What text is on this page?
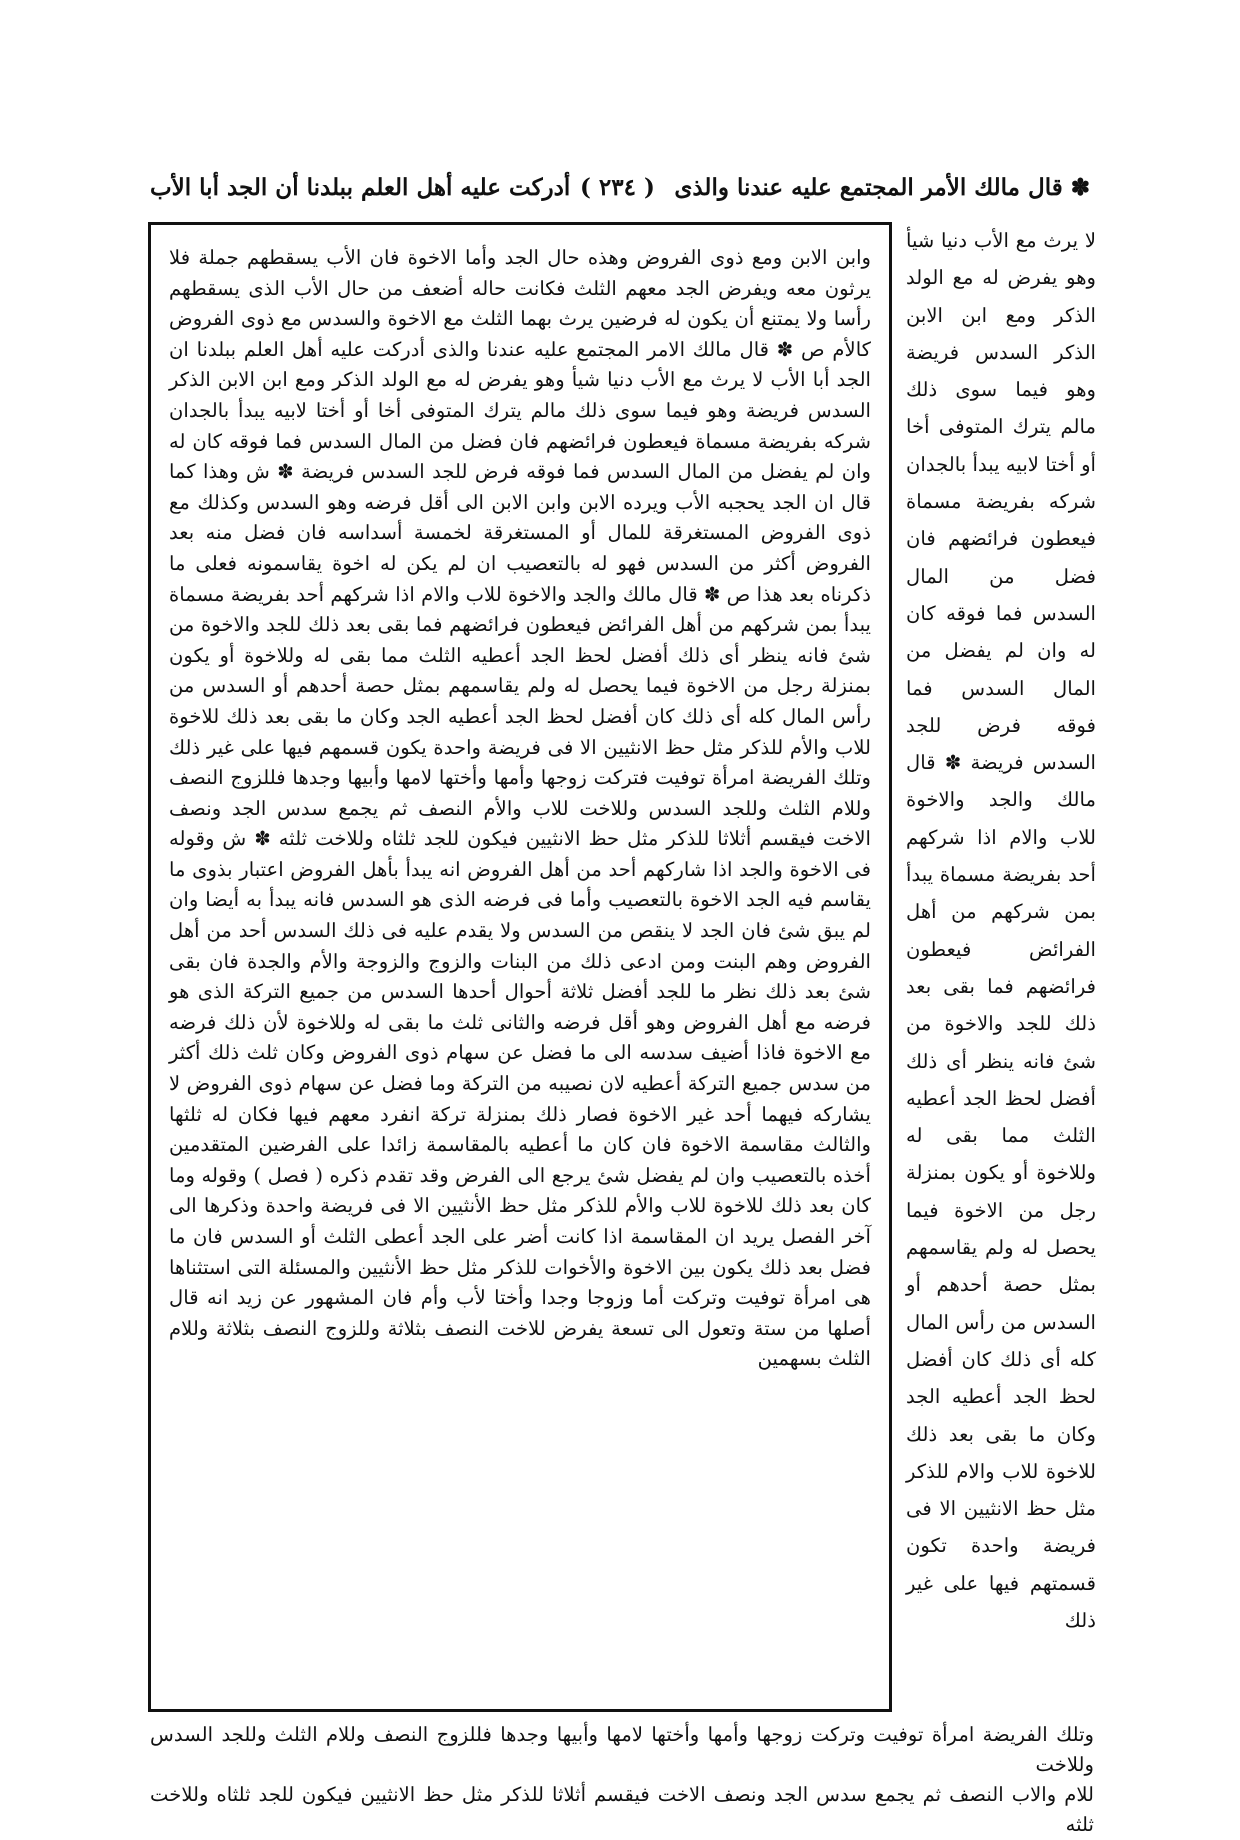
✽ قال مالك الأمر المجتمع عليه عندنا والذى
( ٢٣٤ )
أدركت عليه أهل العلم ببلدنا أن الجد أبا الأب

لا يرث مع الأب دنيا شيأ وهو يفرض له مع الولد الذكر ومع ابن الابن الذكر السدس فريضة وهو فيما سوى ذلك مالم يترك المتوفى أخا أو أختا لابيه يبدأ بالجدان شركه بفريضة مسماة فيعطون فرائضهم فان فضل من المال السدس فما فوقه كان له وان لم يفضل من المال السدس فما فوقه فرض للجد السدس فريضة ✽ قال مالك والجد والاخوة للاب والام اذا شركهم أحد بفريضة مسماة يبدأ بمن شركهم من أهل الفرائض فيعطون فرائضهم فما بقى بعد ذلك للجد والاخوة من شئ فانه ينظر أى ذلك أفضل لحظ الجد أعطيه الثلث مما بقى له وللاخوة أو يكون بمنزلة رجل من الاخوة فيما يحصل له ولم يقاسمهم بمثل حصة أحدهم أو السدس من رأس المال كله أى ذلك كان أفضل لحظ الجد أعطيه الجد وكان ما بقى بعد ذلك للاخوة للاب والام للذكر مثل حظ الانثيين الا فى فريضة واحدة تكون قسمتهم فيها على غير ذلك

وابن الابن ومع ذوى الفروض وهذه حال الجد وأما الاخوة فان الأب يسقطهم جملة فلا يرثون معه ويفرض الجد معهم الثلث فكانت حاله أضعف من حال الأب الذى يسقطهم رأسا ولا يمتنع أن يكون له فرضين يرث بهما الثلث مع الاخوة والسدس مع ذوى الفروض كالأم ص ✽ قال مالك الامر المجتمع عليه عندنا والذى أدركت عليه أهل العلم ببلدنا ان الجد أبا الأب لا يرث مع الأب دنيا شيأ وهو يفرض له مع الولد الذكر ومع ابن الابن الذكر السدس فريضة وهو فيما سوى ذلك مالم يترك المتوفى أخا أو أختا لابيه يبدأ بالجدان شركه بفريضة مسماة فيعطون فرائضهم فان فضل من المال السدس فما فوقه كان له وان لم يفضل من المال السدس فما فوقه فرض للجد السدس فريضة ✽ ش وهذا كما قال ان الجد يحجبه الأب ويرده الابن وابن الابن الى أقل فرضه وهو السدس وكذلك مع ذوى الفروض المستغرقة للمال أو المستغرقة لخمسة أسداسه فان فضل منه بعد الفروض أكثر من السدس فهو له بالتعصيب ان لم يكن له اخوة يقاسمونه فعلى ما ذكرناه بعد هذا ص ✽ قال مالك والجد والاخوة للاب والام اذا شركهم أحد بفريضة مسماة يبدأ بمن شركهم من أهل الفرائض فيعطون فرائضهم فما بقى بعد ذلك للجد والاخوة من شئ فانه ينظر أى ذلك أفضل لحظ الجد أعطيه الثلث مما بقى له وللاخوة أو يكون بمنزلة رجل من الاخوة فيما يحصل له ولم يقاسمهم بمثل حصة أحدهم أو السدس من رأس المال كله أى ذلك كان أفضل لحظ الجد أعطيه الجد وكان ما بقى بعد ذلك للاخوة للاب والأم للذكر مثل حظ الانثيين الا فى فريضة واحدة يكون قسمهم فيها على غير ذلك وتلك الفريضة امرأة توفيت فتركت زوجها وأمها وأختها لامها وأبيها وجدها فللزوج النصف وللام الثلث وللجد السدس وللاخت للاب والأم النصف ثم يجمع سدس الجد ونصف الاخت فيقسم أثلاثا للذكر مثل حظ الانثيين فيكون للجد ثلثاه وللاخت ثلثه ✽ ش وقوله فى الاخوة والجد اذا شاركهم أحد من أهل الفروض انه يبدأ بأهل الفروض اعتبار بذوى ما يقاسم فيه الجد الاخوة بالتعصيب وأما فى فرضه الذى هو السدس فانه يبدأ به أيضا وان لم يبق شئ فان الجد لا ينقص من السدس ولا يقدم عليه فى ذلك السدس أحد من أهل الفروض وهم البنت ومن ادعى ذلك من البنات والزوج والزوجة والأم والجدة فان بقى شئ بعد ذلك نظر ما للجد أفضل ثلاثة أحوال أحدها السدس من جميع التركة الذى هو فرضه مع أهل الفروض وهو أقل فرضه والثانى ثلث ما بقى له وللاخوة لأن ذلك فرضه مع الاخوة فاذا أضيف سدسه الى ما فضل عن سهام ذوى الفروض وكان ثلث ذلك أكثر من سدس جميع التركة أعطيه لان نصيبه من التركة وما فضل عن سهام ذوى الفروض لا يشاركه فيهما أحد غير الاخوة فصار ذلك بمنزلة تركة انفرد معهم فيها فكان له ثلثها والثالث مقاسمة الاخوة فان كان ما أعطيه بالمقاسمة زائدا على الفرضين المتقدمين أخذه بالتعصيب وان لم يفضل شئ يرجع الى الفرض وقد تقدم ذكره ( فصل ) وقوله وما كان بعد ذلك للاخوة للاب والأم للذكر مثل حظ الأنثيين الا فى فريضة واحدة وذكرها الى آخر الفصل يريد ان المقاسمة اذا كانت أضر على الجد أعطى الثلث أو السدس فان ما فضل بعد ذلك يكون بين الاخوة والأخوات للذكر مثل حظ الأنثيين والمسئلة التى استثناها هى امرأة توفيت وتركت أما وزوجا وجدا وأختا لأب وأم فان المشهور عن زيد انه قال أصلها من ستة وتعول الى تسعة يفرض للاخت النصف بثلاثة وللزوج النصف بثلاثة وللام الثلث بسهمين

وتلك الفريضة امرأة توفيت وتركت زوجها وأمها وأختها لامها وأبيها وجدها فللزوج النصف وللام الثلث وللجد السدس وللاخت

للام والاب النصف ثم يجمع سدس الجد ونصف الاخت فيقسم أثلاثا للذكر مثل حظ الانثيين فيكون للجد ثلثاه وللاخت ثلثه
